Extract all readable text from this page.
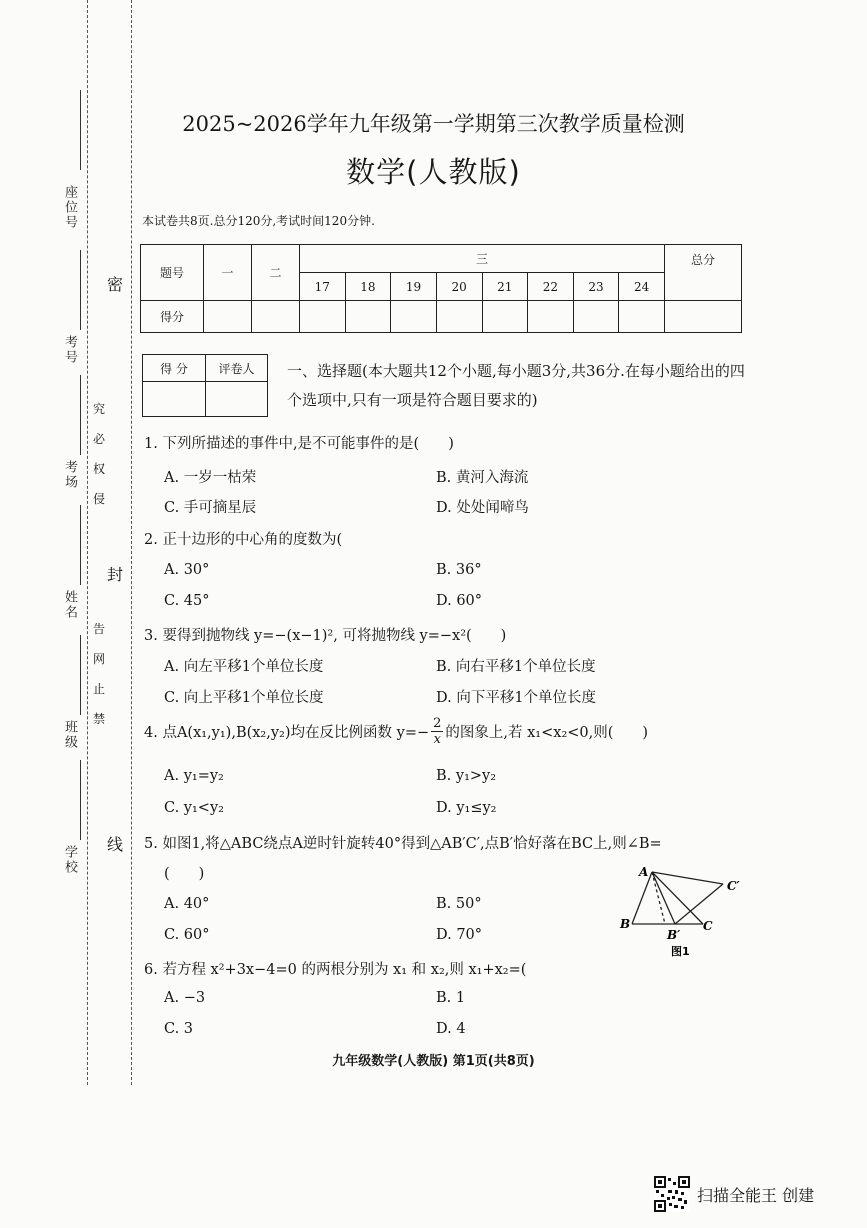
座位号
考号
考场
姓名
班级
学校
密
封
线
究
必
权
侵
告
网
止
禁
2025~2026学年九年级第一学期第三次教学质量检测
数学(人教版)
本试卷共8页.总分120分,考试时间120分钟.
题号	一	二	三								总分
			17	18	19	20	21	22	23	24	
得分											
得 分	评卷人
	一、选择题(本大题共12个小题,每小题3分,共36分.在每小题给出的四个选项中,只有一项是符合题目要求的)
1. 下列所描述的事件中,是不可能事件的是(　　)
A. 一岁一枯荣	B. 黄河入海流
C. 手可摘星辰	D. 处处闻啼鸟
2. 正十边形的中心角的度数为(
A. 30°	B. 36°
C. 45°	D. 60°
3. 要得到抛物线 y=−(x−1)², 可将抛物线 y=−x²(　　)
A. 向左平移1个单位长度	B. 向右平移1个单位长度
C. 向上平移1个单位长度	D. 向下平移1个单位长度
4. 点A(x₁,y₁),B(x₂,y₂)均在反比例函数 $y=- \frac{2}{x}$ 的图象上,若 x₁<x₂<0,则(　　)
A. y₁=y₂	B. y₁>y₂
C. y₁<y₂	D. y₁≤y₂
5. 如图1,将△ABC绕点A逆时针旋转40°得到△AB′C′,点B′恰好落在BC上,则∠B=
(　　)
A. 40°	B. 50°
C. 60°	D. 70°
A
C′
B
B′
C
图1
6. 若方程 x²+3x−4=0 的两根分别为 x₁ 和 x₂,则 x₁+x₂=(
A. −3	B. 1
C. 3	D. 4
九年级数学(人教版) 第1页(共8页)
扫描全能王 创建
